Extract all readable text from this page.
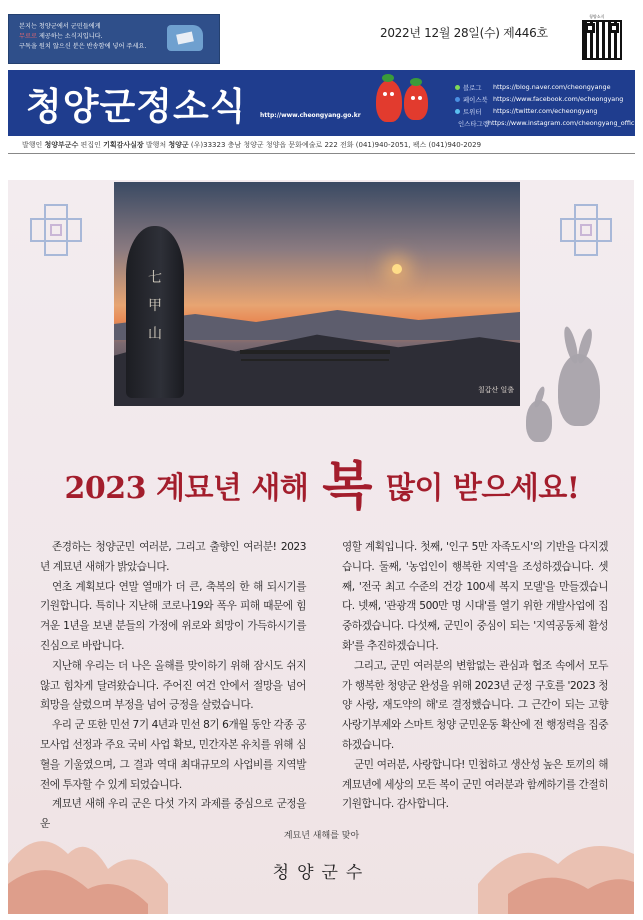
본지는 청양군에서 군민들에게
무료로 제공하는 소식지입니다.
구독을 원치 않으신 분은 반송함에 넣어 주세요.
2022년 12월 28일(수) 제446호
청양소식
청양군정소식 http://www.cheongyang.go.kr
블로그	https://blog.naver.com/cheongyange
페이스북 https://www.facebook.com/echeongyang
트위터	https://twitter.com/echeongyang
인스타그램 https://www.instagram.com/cheongyang_official
발행인 청양부군수 편집인 기획감사실장 발행처 청양군 (우)33323 충남 청양군 청양읍 문화예술로 222 전화 (041)940-2051, 팩스 (041)940-2029
七
甲
山
칠갑산 일출
2023 계묘년 새해 복 많이 받으세요!

존경하는 청양군민 여러분, 그리고 출향인 여러분! 2023년 계묘년 새해가 밝았습니다.

연초 계획보다 연말 열매가 더 큰, 축복의 한 해 되시기를 기원합니다. 특히나 지난해 코로나19와 폭우 피해 때문에 힘겨운 1년을 보낸 분들의 가정에 위로와 희망이 가득하시기를 진심으로 바랍니다.

지난해 우리는 더 나은 올해를 맞이하기 위해 잠시도 쉬지 않고 힘차게 달려왔습니다. 주어진 여건 안에서 절망을 넘어 희망을 살렸으며 부정을 넘어 긍정을 살렸습니다.

우리 군 또한 민선 7기 4년과 민선 8기 6개월 동안 각종 공모사업 선정과 주요 국비 사업 확보, 민간자본 유치를 위해 심혈을 기울였으며, 그 결과 역대 최대규모의 사업비를 지역발전에 투자할 수 있게 되었습니다.

계묘년 새해 우리 군은 다섯 가지 과제를 중심으로 군정을 운

영할 계획입니다. 첫째, '인구 5만 자족도시'의 기반을 다지겠습니다. 둘째, '농업인이 행복한 지역'을 조성하겠습니다. 셋째, '전국 최고 수준의 건강 100세 복지 모델'을 만들겠습니다. 넷째, '관광객 500만 명 시대'를 열기 위한 개발사업에 집중하겠습니다. 다섯째, 군민이 중심이 되는 '지역공동체 활성화'를 추진하겠습니다.

그리고, 군민 여러분의 변함없는 관심과 협조 속에서 모두가 행복한 청양군 완성을 위해 2023년 군정 구호를 '2023 청양 사랑, 재도약의 해'로 결정했습니다. 그 근간이 되는 고향사랑기부제와 스마트 청양 군민운동 확산에 전 행정력을 집중하겠습니다.

군민 여러분, 사랑합니다! 민첩하고 생산성 높은 토끼의 해 계묘년에 세상의 모든 복이 군민 여러분과 함께하기를 간절히 기원합니다. 감사합니다.

계묘년 새해를 맞아
청양군수
